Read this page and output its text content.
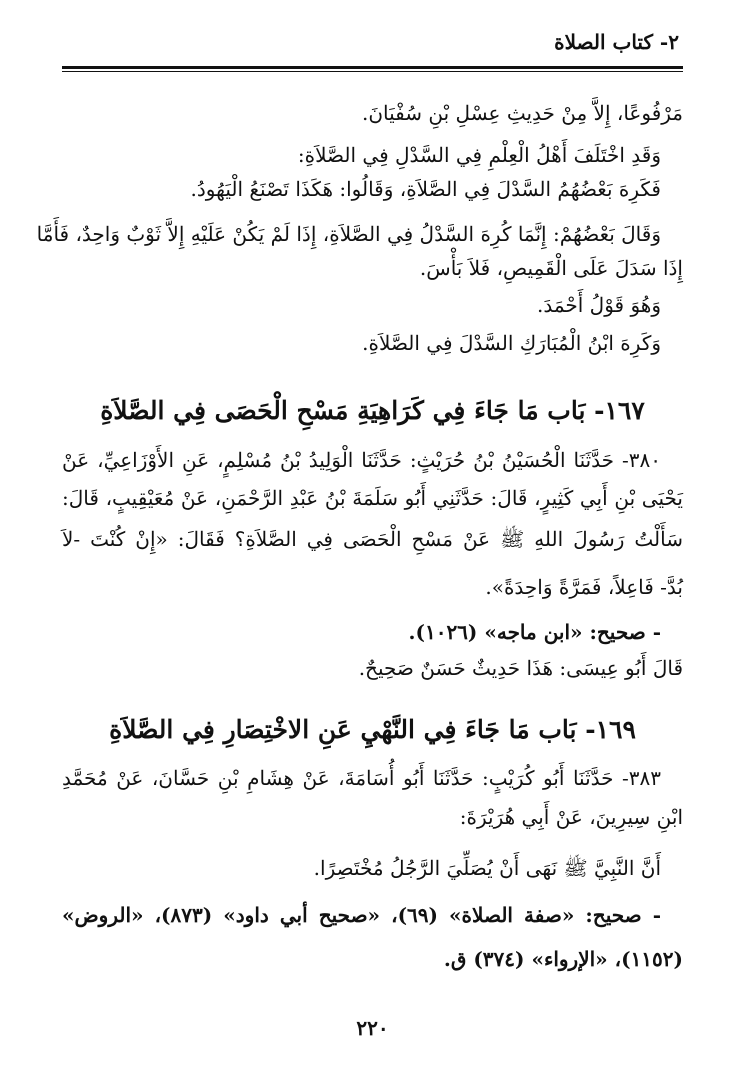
٢- كتاب الصلاة
مَرْفُوعًا، إِلاَّ مِنْ حَدِيثِ عِسْلِ بْنِ سُفْيَانَ.
وَقَدِ اخْتَلَفَ أَهْلُ الْعِلْمِ فِي السَّدْلِ فِي الصَّلاَةِ:
فَكَرِهَ بَعْضُهُمُ السَّدْلَ فِي الصَّلاَةِ، وَقَالُوا: هَكَذَا تَصْنَعُ الْيَهُودُ.
وَقَالَ بَعْضُهُمْ: إِنَّمَا كُرِهَ السَّدْلُ فِي الصَّلاَةِ، إِذَا لَمْ يَكُنْ عَلَيْهِ إِلاَّ ثَوْبٌ وَاحِدٌ، فَأَمَّا
إِذَا سَدَلَ عَلَى الْقَمِيصِ، فَلاَ بَأْسَ.
وَهُوَ قَوْلُ أَحْمَدَ.
وَكَرِهَ ابْنُ الْمُبَارَكِ السَّدْلَ فِي الصَّلاَةِ.
١٦٧- بَاب مَا جَاءَ فِي كَرَاهِيَةِ مَسْحِ الْحَصَى فِي الصَّلاَةِ
٣٨٠- حَدَّثَنَا الْحُسَيْنُ بْنُ حُرَيْثٍ: حَدَّثَنَا الْوَلِيدُ بْنُ مُسْلِمٍ، عَنِ الأَوْزَاعِيِّ، عَنْ
يَحْيَى بْنِ أَبِي كَثِيرٍ، قَالَ: حَدَّثَنِي أَبُو سَلَمَةَ بْنُ عَبْدِ الرَّحْمَنِ، عَنْ مُعَيْقِيبٍ، قَالَ:
سَأَلْتُ رَسُولَ اللهِ ﷺ عَنْ مَسْحِ الْحَصَى فِي الصَّلاَةِ؟ فَقَالَ: «إِنْ كُنْتَ -لاَ
بُدَّ- فَاعِلاً، فَمَرَّةً وَاحِدَةً».
- صحيح: «ابن ماجه» (١٠٢٦).
قَالَ أَبُو عِيسَى: هَذَا حَدِيثٌ حَسَنٌ صَحِيحٌ.
١٦٩- بَاب مَا جَاءَ فِي النَّهْيِ عَنِ الاخْتِصَارِ فِي الصَّلاَةِ
٣٨٣- حَدَّثَنَا أَبُو كُرَيْبٍ: حَدَّثَنَا أَبُو أُسَامَةَ، عَنْ هِشَامِ بْنِ حَسَّانَ، عَنْ مُحَمَّدِ
ابْنِ سِيرِينَ، عَنْ أَبِي هُرَيْرَةَ:
أَنَّ النَّبِيَّ ﷺ نَهَى أَنْ يُصَلِّيَ الرَّجُلُ مُخْتَصِرًا.
- صحيح: «صفة الصلاة» (٦٩)، «صحيح أبي داود» (٨٧٣)، «الروض»
(١١٥٢)، «الإرواء» (٣٧٤) ق.
٢٢٠
